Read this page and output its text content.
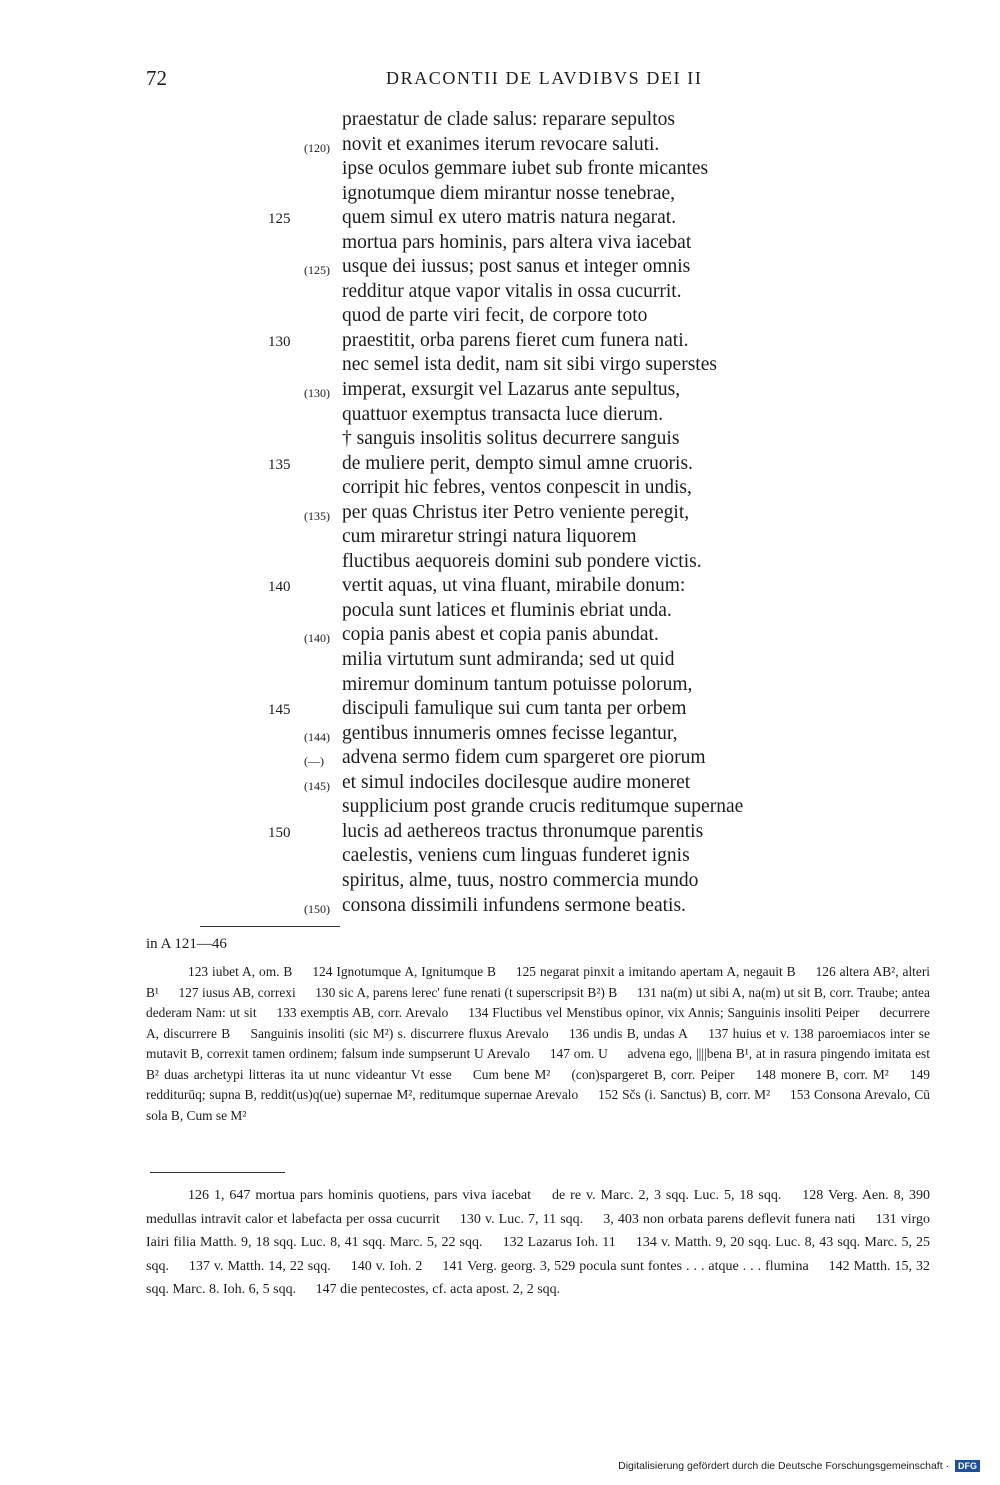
72	DRACONTII DE LAVDIBVS DEI II
praestatur de clade salus: reparare sepultos
(120) novit et exanimes iterum revocare saluti.
ipse oculos gemmare iubet sub fronte micantes
ignotumque diem mirantur nosse tenebrae,
125	quem simul ex utero matris natura negarat.
mortua pars hominis, pars altera viva iacebat
(125) usque dei iussus; post sanus et integer omnis
redditur atque vapor vitalis in ossa cucurrit.
quod de parte viri fecit, de corpore toto
130	praestitit, orba parens fieret cum funera nati.
nec semel ista dedit, nam sit sibi virgo superstes
(130) imperat, exsurgit vel Lazarus ante sepultus,
quattuor exemptus transacta luce dierum.
† sanguis insolitis solitus decurrere sanguis
135	de muliere perit, dempto simul amne cruoris.
corripit hic febres, ventos conpescit in undis,
(135) per quas Christus iter Petro veniente peregit,
cum miraretur stringi natura liquorem
fluctibus aequoreis domini sub pondere victis.
140	vertit aquas, ut vina fluant, mirabile donum:
pocula sunt latices et fluminis ebriat unda.
(140) copia panis abest et copia panis abundat.
milia virtutum sunt admiranda; sed ut quid
miremur dominum tantum potuisse polorum,
145	discipuli famulique sui cum tanta per orbem
(144) gentibus innumeris omnes fecisse legantur,
(—) advena sermo fidem cum spargeret ore piorum
(145) et simul indociles docilesque audire moneret
supplicium post grande crucis reditumque supernae
150	lucis ad aethereos tractus thronumque parentis
caelestis, veniens cum linguas funderet ignis
spiritus, alme, tuus, nostro commercia mundo
(150) consona dissimili infundens sermone beatis.
in A 121—46
123 iubet A, om. B 124 Ignotumque A, Ignitumque B 125 negarat pinxit a imitando apertam A, negauit B 126 altera AB², alteri B¹ 127 iusus AB, correxi 130 sic A, parens lerec' fune renati (t superscripsit B²) B 131 na(m) ut sibi A, na(m) ut sit B, corr. Traube; antea dederam Nam: ut sit 133 exemptis AB, corr. Arevalo 134 Fluctibus vel Menstibus opinor, vix Annis; Sanguinis insoliti Peiper decurrere A, discurrere B Sanguinis insoliti (sic M²) s. discurrere fluxus Arevalo 136 undis B, undas A 137 huius et v. 138 paroemiacos inter se mutavit B, correxit tamen ordinem; falsum inde sumpserunt U Arevalo 147 om. U advena ego, ||||bena B¹, at in rasura pingendo imitata est B² duas archetypi litteras ita ut nunc videantur Vt esse Cum bene M² (con)spargeret B, corr. Peiper 148 monere B, corr. M² 149 redditurūq; supna B, reddit(us)q(ue) supernae M², reditumque supernae Arevalo 152 Sčs (i. Sanctus) B, corr. M² 153 Consona Arevalo, Cū sola B, Cum se M²
126 1, 647 mortua pars hominis quotiens, pars viva iacebat de re v. Marc. 2, 3 sqq. Luc. 5, 18 sqq. 128 Verg. Aen. 8, 390 medullas intravit calor et labefacta per ossa cucurrit 130 v. Luc. 7, 11 sqq. 3, 403 non orbata parens deflevit funera nati 131 virgo Iairi filia Matth. 9, 18 sqq. Luc. 8, 41 sqq. Marc. 5, 22 sqq. 132 Lazarus Ioh. 11 134 v. Matth. 9, 20 sqq. Luc. 8, 43 sqq. Marc. 5, 25 sqq. 137 v. Matth. 14, 22 sqq. 140 v. Ioh. 2 141 Verg. georg. 3, 529 pocula sunt fontes . . . atque . . . flumina 142 Matth. 15, 32 sqq. Marc. 8. Ioh. 6, 5 sqq. 147 die pentecostes, cf. acta apost. 2, 2 sqq.
Digitalisierung gefördert durch die Deutsche Forschungsgemeinschaft · DFG
